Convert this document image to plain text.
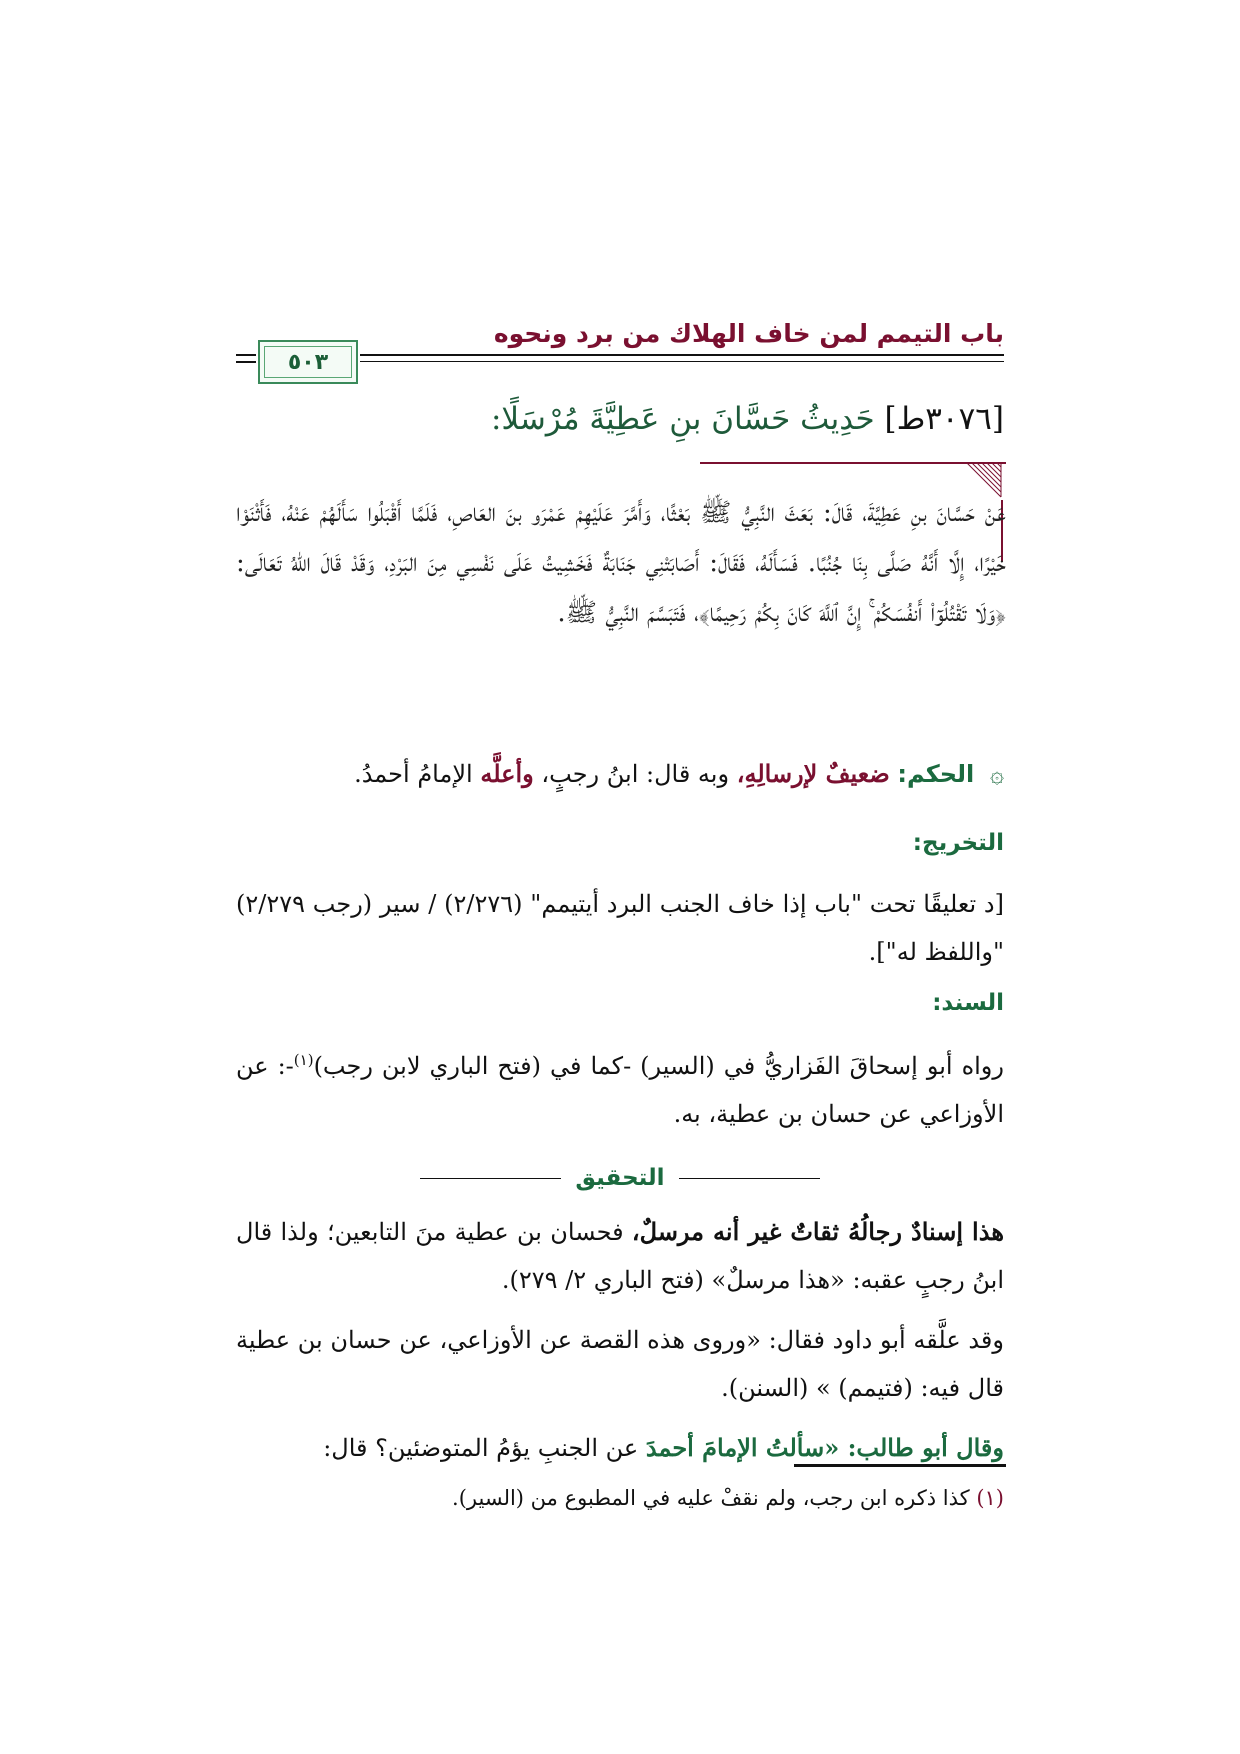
باب التيمم لمن خاف الهلاك من برد ونحوه
٥٠٣
[٣٠٧٦ط] حَدِيثُ حَسَّانَ بنِ عَطِيَّةَ مُرْسَلًا:
عَنْ حَسَّانَ بنِ عَطِيَّةَ، قَالَ: بَعَثَ النَّبِيُّ ﷺ بَعْثًا، وَأَمَّرَ عَلَيْهِمْ عَمْرَو بنَ العَاصِ، فَلَمَّا أَقْبَلُوا سَأَلَهُمْ عَنْهُ، فَأَثْنَوْا خَيْرًا، إِلَّا أَنَّهُ صَلَّى بِنَا جُنُبًا. فَسَأَلَهُ، فَقَالَ: أَصَابَتْنِي جَنَابَةٌ فَخَشِيتُ عَلَى نَفْسِي مِنَ البَرْدِ، وَقَدْ قَالَ اللهُ تَعَالَى: ﴿وَلَا تَقْتُلُوٓا۟ أَنفُسَكُمْ ۚ إِنَّ ٱللَّهَ كَانَ بِكُمْ رَحِيمًا﴾، فَتَبَسَّمَ النَّبِيُّ ﷺ.
۞ الحكم: ضعيفٌ لإرسالِهِ، وبه قال: ابنُ رجبٍ، وأعلَّه الإمامُ أحمدُ.
التخريج:
[د تعليقًا تحت "باب إذا خاف الجنب البرد أيتيمم" (٢/٢٧٦) / سير (رجب ٢/٢٧٩) "واللفظ له"].
السند:
رواه أبو إسحاقَ الفَزاريُّ في (السير) -كما في (فتح الباري لابن رجب)$^{(١)}$-: عن الأوزاعي عن حسان بن عطية، به.
التحقيق

هذا إسنادٌ رجالُهُ ثقاتٌ غير أنه مرسلٌ، فحسان بن عطية منَ التابعين؛ ولذا قال ابنُ رجبٍ عقبه: «هذا مرسلٌ» (فتح الباري ٢/ ٢٧٩).

وقد علَّقه أبو داود فقال: «وروى هذه القصة عن الأوزاعي، عن حسان بن عطية قال فيه: (فتيمم) » (السنن).

وقال أبو طالب: «سألتُ الإمامَ أحمدَ عن الجنبِ يؤمُ المتوضئين؟ قال:

(١) كذا ذكره ابن رجب، ولم نقفْ عليه في المطبوع من (السير).
